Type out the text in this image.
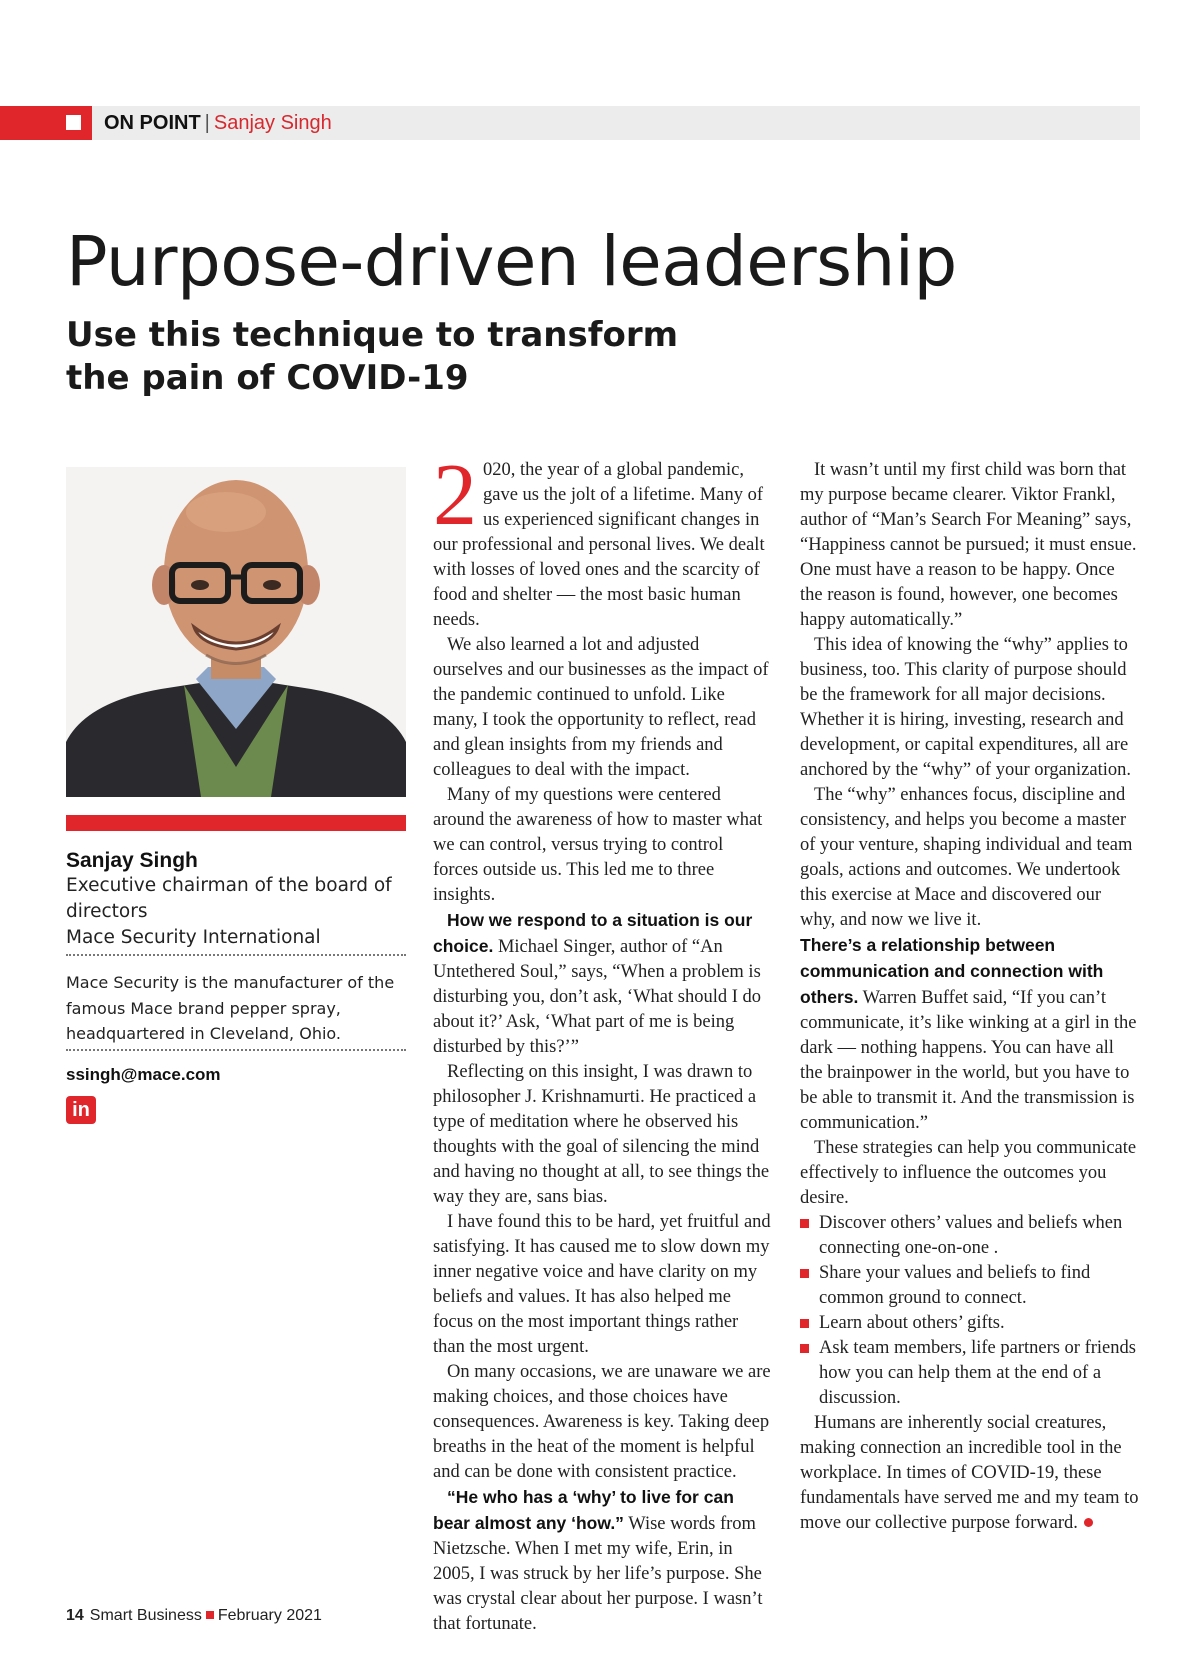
ON POINT | Sanjay Singh
Purpose-driven leadership
Use this technique to transform the pain of COVID-19
Sanjay Singh
Executive chairman of the board of directors
Mace Security International
Mace Security is the manufacturer of the famous Mace brand pepper spray, headquartered in Cleveland, Ohio.
ssingh@mace.com
in

2 020, the year of a global pandemic, gave us the jolt of a lifetime. Many of us experienced significant changes in our professional and personal lives. We dealt with losses of loved ones and the scarcity of food and shelter — the most basic human needs.

We also learned a lot and adjusted ourselves and our businesses as the impact of the pandemic continued to unfold. Like many, I took the opportunity to reflect, read and glean insights from my friends and colleagues to deal with the impact.

Many of my questions were centered around the awareness of how to master what we can control, versus trying to control forces outside us. This led me to three insights.

How we respond to a situation is our choice. Michael Singer, author of “An Untethered Soul,” says, “When a problem is disturbing you, don’t ask, ‘What should I do about it?’ Ask, ‘What part of me is being disturbed by this?’”

Reflecting on this insight, I was drawn to philosopher J. Krishnamurti. He practiced a type of meditation where he observed his thoughts with the goal of silencing the mind and having no thought at all, to see things the way they are, sans bias.

I have found this to be hard, yet fruitful and satisfying. It has caused me to slow down my inner negative voice and have clarity on my beliefs and values. It has also helped me focus on the most important things rather than the most urgent.

On many occasions, we are unaware we are making choices, and those choices have consequences. Awareness is key. Taking deep breaths in the heat of the moment is helpful and can be done with consistent practice.

“He who has a ‘why’ to live for can bear almost any ‘how.” Wise words from Nietzsche. When I met my wife, Erin, in 2005, I was struck by her life’s purpose. She was crystal clear about her purpose. I wasn’t that fortunate.

It wasn’t until my first child was born that my purpose became clearer. Viktor Frankl, author of “Man’s Search For Meaning” says, “Happiness cannot be pursued; it must ensue. One must have a reason to be happy. Once the reason is found, however, one becomes happy automatically.”

This idea of knowing the “why” applies to business, too. This clarity of purpose should be the framework for all major decisions. Whether it is hiring, investing, research and development, or capital expenditures, all are anchored by the “why” of your organization.

The “why” enhances focus, discipline and consistency, and helps you become a master of your venture, shaping individual and team goals, actions and outcomes. We undertook this exercise at Mace and discovered our why, and now we live it.

There’s a relationship between communication and connection with others. Warren Buffet said, “If you can’t communicate, it’s like winking at a girl in the dark — nothing happens. You can have all the brainpower in the world, but you have to be able to transmit it. And the transmission is communication.”

These strategies can help you communicate effectively to influence the outcomes you desire.

Discover others’ values and beliefs when connecting one-on-one .
Share your values and beliefs to find common ground to connect.
Learn about others’ gifts.
Ask team members, life partners or friends how you can help them at the end of a discussion.

Humans are inherently social creatures, making connection an incredible tool in the workplace. In times of COVID-19, these fundamentals have served me and my team to move our collective purpose forward.

14 Smart Business February 2021
